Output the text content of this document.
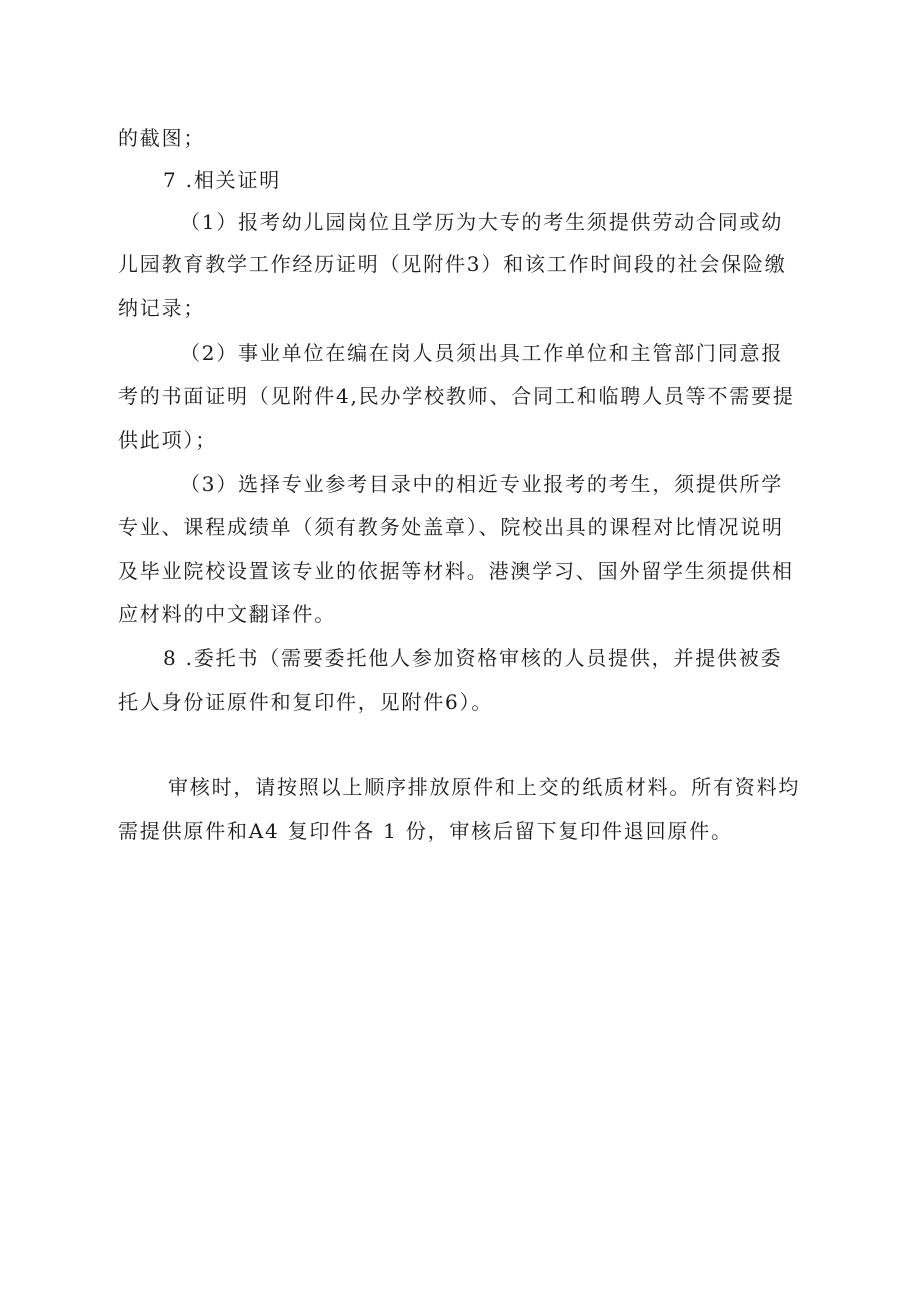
的截图；
7 .相关证明
（1）报考幼儿园岗位且学历为大专的考生须提供劳动合同或幼
儿园教育教学工作经历证明（见附件3）和该工作时间段的社会保险缴
纳记录；
（2）事业单位在编在岗人员须出具工作单位和主管部门同意报
考的书面证明（见附件4,民办学校教师、合同工和临聘人员等不需要提
供此项）；
（3）选择专业参考目录中的相近专业报考的考生，须提供所学
专业、课程成绩单（须有教务处盖章）、院校出具的课程对比情况说明
及毕业院校设置该专业的依据等材料。港澳学习、国外留学生须提供相
应材料的中文翻译件。
8 .委托书（需要委托他人参加资格审核的人员提供，并提供被委
托人身份证原件和复印件，见附件6）。
审核时，请按照以上顺序排放原件和上交的纸质材料。所有资料均
需提供原件和A4 复印件各 1 份，审核后留下复印件退回原件。
